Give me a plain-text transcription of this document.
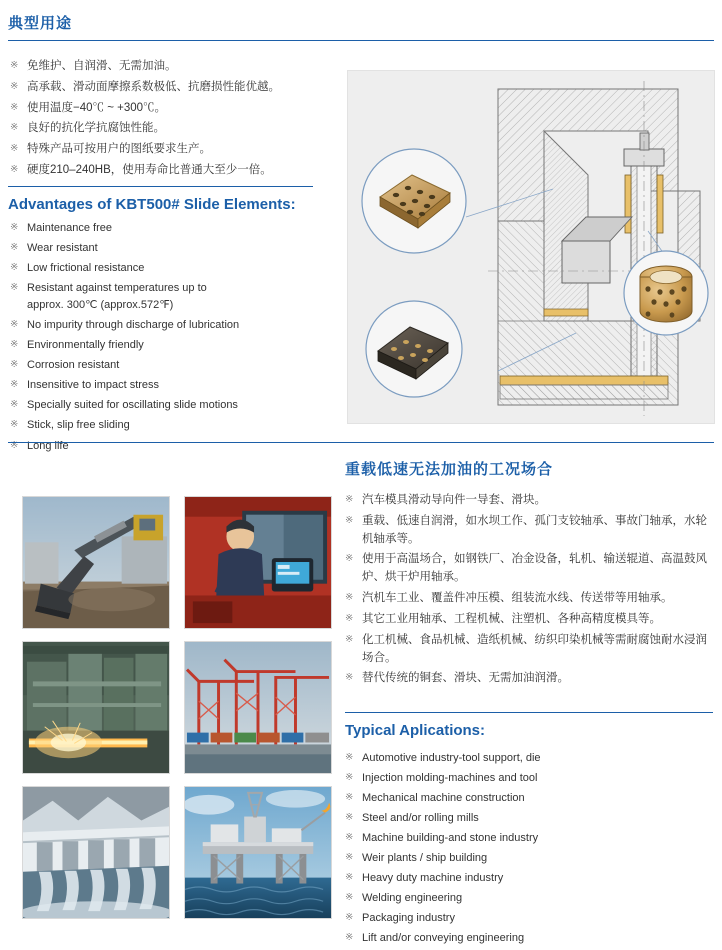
典型用途
※ 免维护、自润滑、无需加油。
※ 高承载、滑动面摩擦系数极低、抗磨损性能优越。
※ 使用温度−40℃ ~ +300℃。
※ 良好的抗化学抗腐蚀性能。
※ 特殊产品可按用户的图纸要求生产。
※ 硬度210–240HB，使用寿命比普通大至少一倍。
Advantages of KBT500# Slide Elements:
※ Maintenance free
※ Wear resistant
※ Low frictional resistance
※ Resistant against temperatures up to
approx. 300℃ (approx.572℉)
※ No impurity through discharge of lubrication
※ Environmentally friendly
※ Corrosion resistant
※ Insensitive to impact stress
※ Specially suited for oscillating slide motions
※ Stick, slip free sliding
※ Long life
重载低速无法加油的工况场合
※ 汽车模具滑动导向件一导套、滑块。
※ 重载、低速自润滑，如水坝工作、孤门支铰轴承、事故门轴承，水轮机轴承等。
※ 使用于高温场合，如钢铁厂、冶金设备，轧机、输送辊道、高温鼓风炉、烘干炉用轴承。
※ 汽机车工业、覆盖件冲压模、组装流水线、传送带等用轴承。
※ 其它工业用轴承、工程机械、注塑机、各种高精度模具等。
※ 化工机械、食品机械、造纸机械、纺织印染机械等需耐腐蚀耐水浸润场合。
※ 替代传统的铜套、滑块、无需加油润滑。
Typical Aplications:
※ Automotive industry-tool support, die
※ Injection molding-machines and tool
※ Mechanical machine construction
※ Steel and/or rolling mills
※ Machine building-and stone industry
※ Weir plants / ship building
※ Heavy duty machine industry
※ Welding engineering
※ Packaging industry
※ Lift and/or conveying engineering
